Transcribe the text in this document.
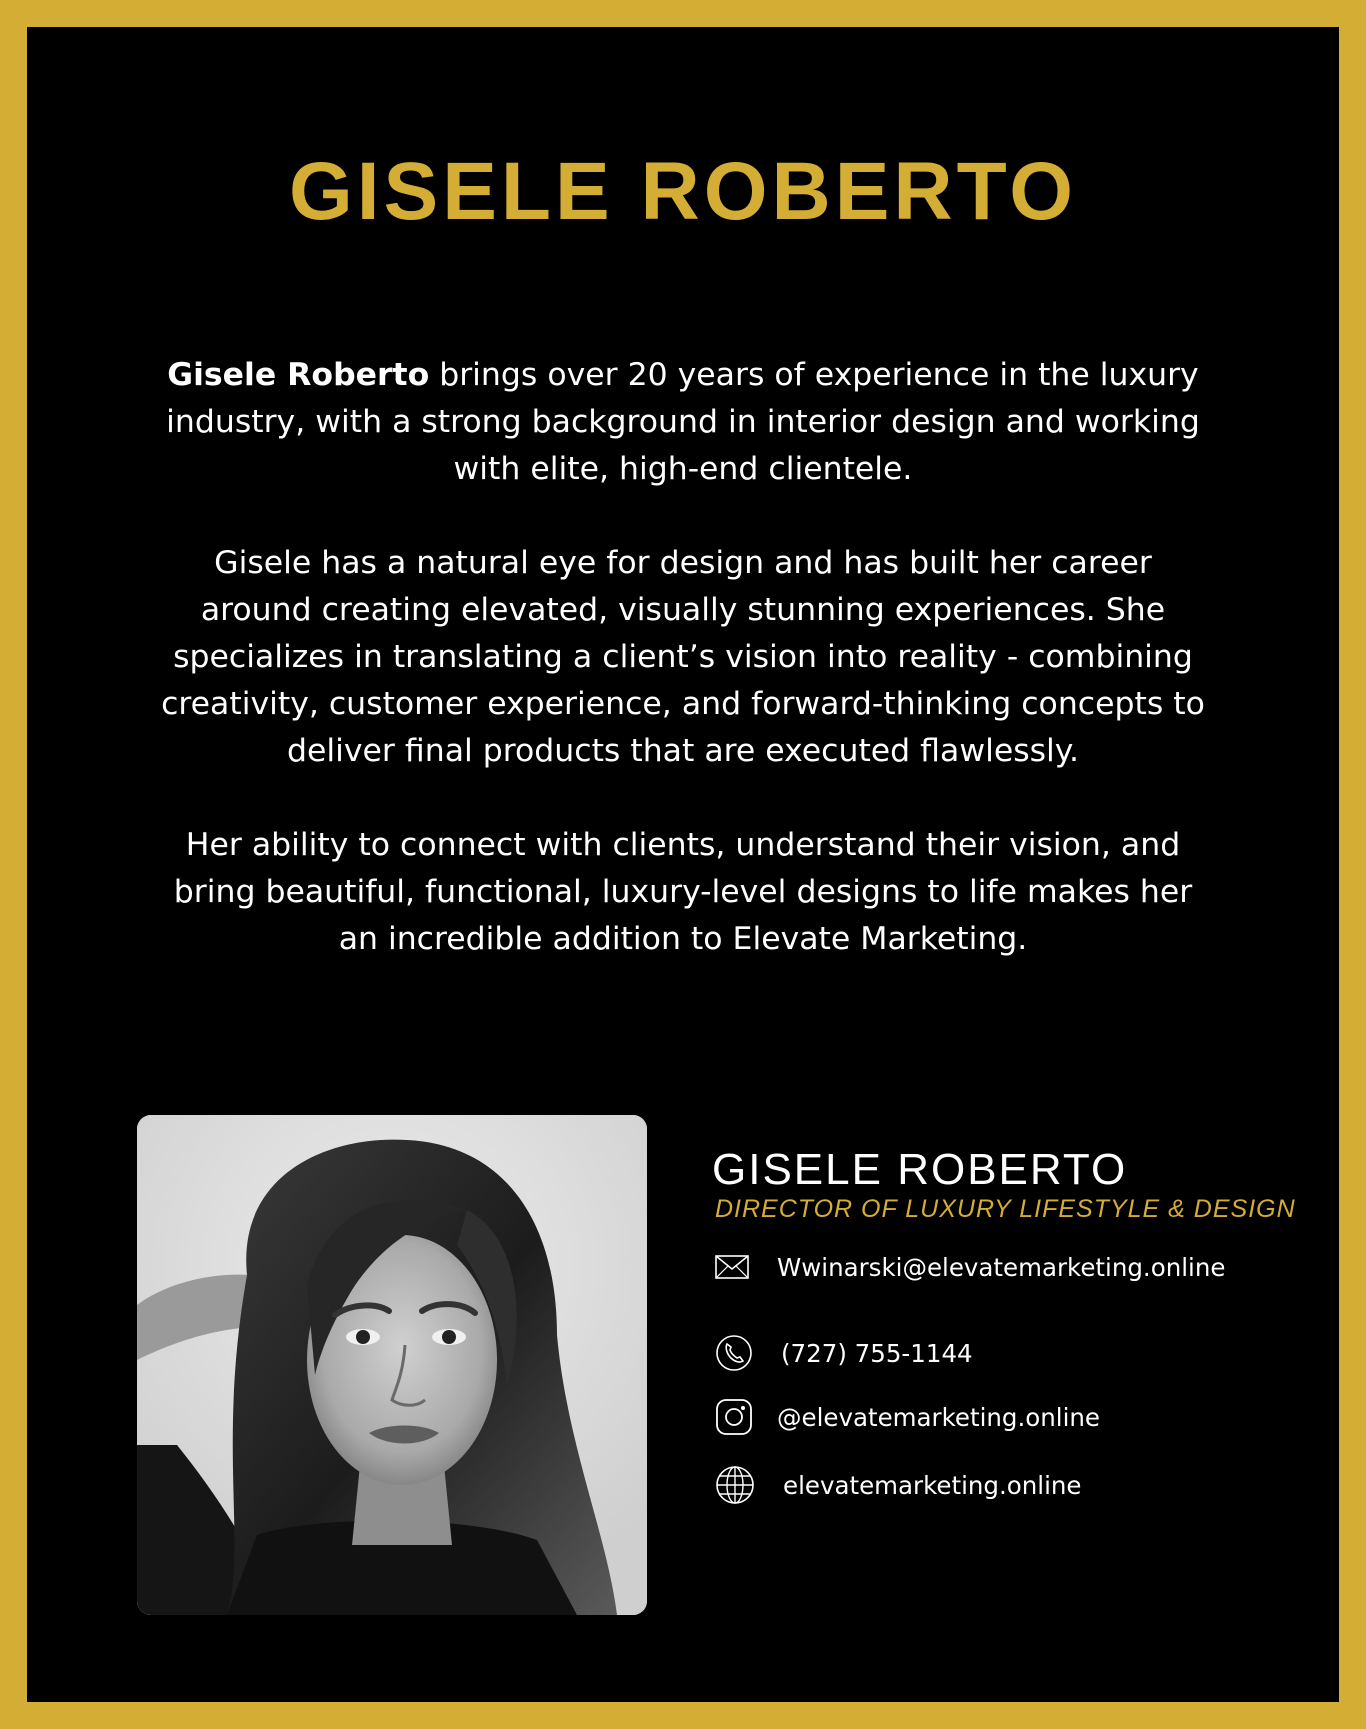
GISELE ROBERTO

Gisele Roberto brings over 20 years of experience in the luxury industry, with a strong background in interior design and working with elite, high-end clientele.

Gisele has a natural eye for design and has built her career around creating elevated, visually stunning experiences. She specializes in translating a client’s vision into reality - combining creativity, customer experience, and forward-thinking concepts to deliver final products that are executed flawlessly.

Her ability to connect with clients, understand their vision, and bring beautiful, functional, luxury-level designs to life makes her an incredible addition to Elevate Marketing.

GISELE ROBERTO
DIRECTOR OF LUXURY LIFESTYLE & DESIGN
Wwinarski@elevatemarketing.online
(727) 755-1144
@elevatemarketing.online
elevatemarketing.online
